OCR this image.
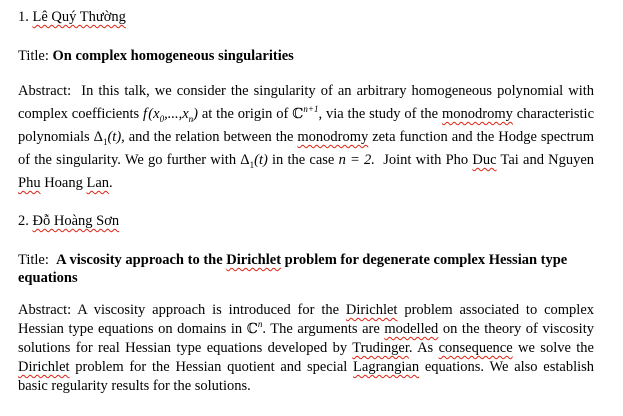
1. Lê Quý Thường
Title: On complex homogeneous singularities
Abstract: In this talk, we consider the singularity of an arbitrary homogeneous polynomial with complex coefficients f $(x_0,...,x_n)$ at the origin of ℂ$^{n+1}$, via the study of the monodromy characteristic polynomials $\Delta_1(t)$, and the relation between the monodromy zeta function and the Hodge spectrum of the singularity. We go further with $\Delta_1(t)$ in the case n = 2. Joint with Pho Duc Tai and Nguyen Phu Hoang Lan.
2. Đỗ Hoàng Sơn
Title: A viscosity approach to the Dirichlet problem for degenerate complex Hessian type equations
Abstract: A viscosity approach is introduced for the Dirichlet problem associated to complex Hessian type equations on domains in ℂ$^n$. The arguments are modelled on the theory of viscosity solutions for real Hessian type equations developed by Trudinger. As consequence we solve the Dirichlet problem for the Hessian quotient and special Lagrangian equations. We also establish basic regularity results for the solutions.
